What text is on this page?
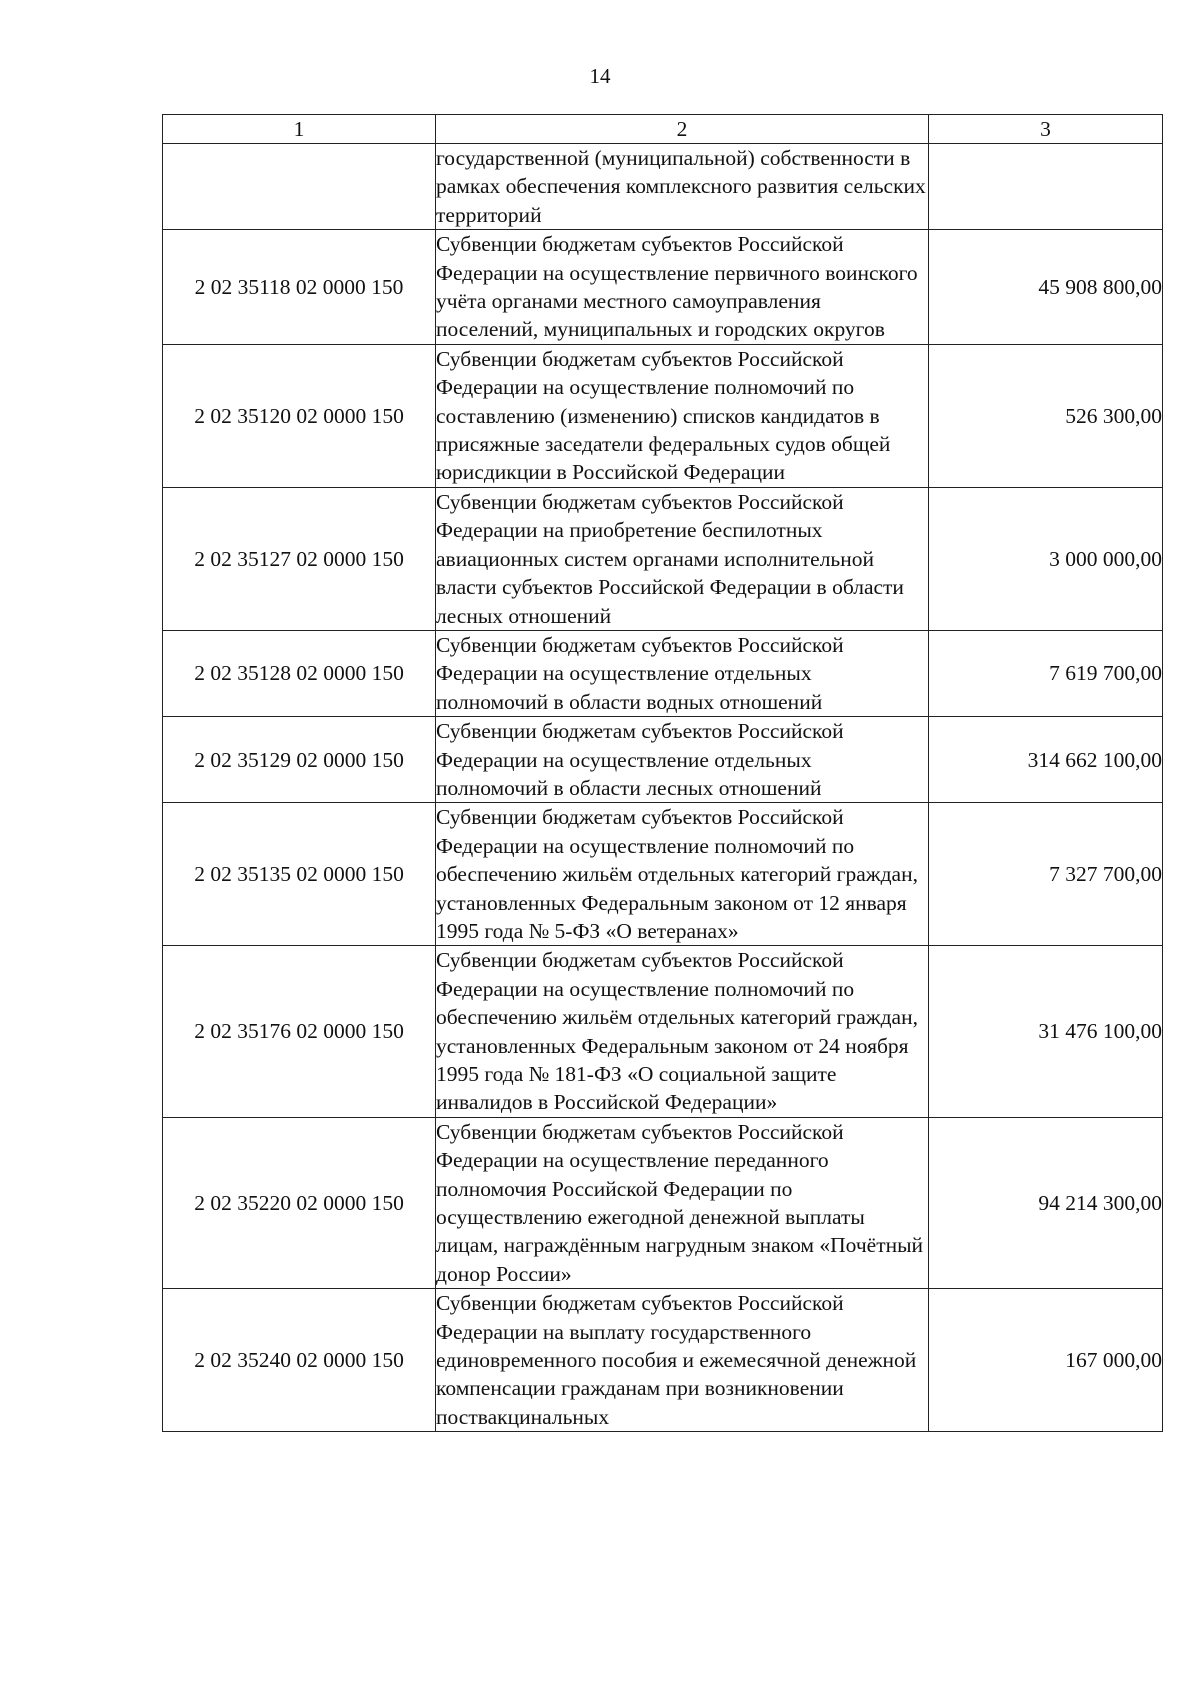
14
1	2	3
	государственной (муниципальной) собственности в рамках обеспечения комплексного развития сельских территорий	
2 02 35118 02 0000 150	Субвенции бюджетам субъектов Российской Федерации на осуществление первичного воинского учёта органами местного самоуправления поселений, муниципальных и городских округов	45 908 800,00
2 02 35120 02 0000 150	Субвенции бюджетам субъектов Российской Федерации на осуществление полномочий по составлению (изменению) списков кандидатов в присяжные заседатели федеральных судов общей юрисдикции в Российской Федерации	526 300,00
2 02 35127 02 0000 150	Субвенции бюджетам субъектов Российской Федерации на приобретение беспилотных авиационных систем органами исполнительной власти субъектов Российской Федерации в области лесных отношений	3 000 000,00
2 02 35128 02 0000 150	Субвенции бюджетам субъектов Российской Федерации на осуществление отдельных полномочий в области водных отношений	7 619 700,00
2 02 35129 02 0000 150	Субвенции бюджетам субъектов Российской Федерации на осуществление отдельных полномочий в области лесных отношений	314 662 100,00
2 02 35135 02 0000 150	Субвенции бюджетам субъектов Российской Федерации на осуществление полномочий по обеспечению жильём отдельных категорий граждан, установленных Федеральным законом от 12 января 1995 года № 5-ФЗ «О ветеранах»	7 327 700,00
2 02 35176 02 0000 150	Субвенции бюджетам субъектов Российской Федерации на осуществление полномочий по обеспечению жильём отдельных категорий граждан, установленных Федеральным законом от 24 ноября 1995 года № 181-ФЗ «О социальной защите инвалидов в Российской Федерации»	31 476 100,00
2 02 35220 02 0000 150	Субвенции бюджетам субъектов Российской Федерации на осуществление переданного полномочия Российской Федерации по осуществлению ежегодной денежной выплаты лицам, награждённым нагрудным знаком «Почётный донор России»	94 214 300,00
2 02 35240 02 0000 150	Субвенции бюджетам субъектов Российской Федерации на выплату государственного единовременного пособия и ежемесячной денежной компенсации гражданам при возникновении поствакцинальных	167 000,00
